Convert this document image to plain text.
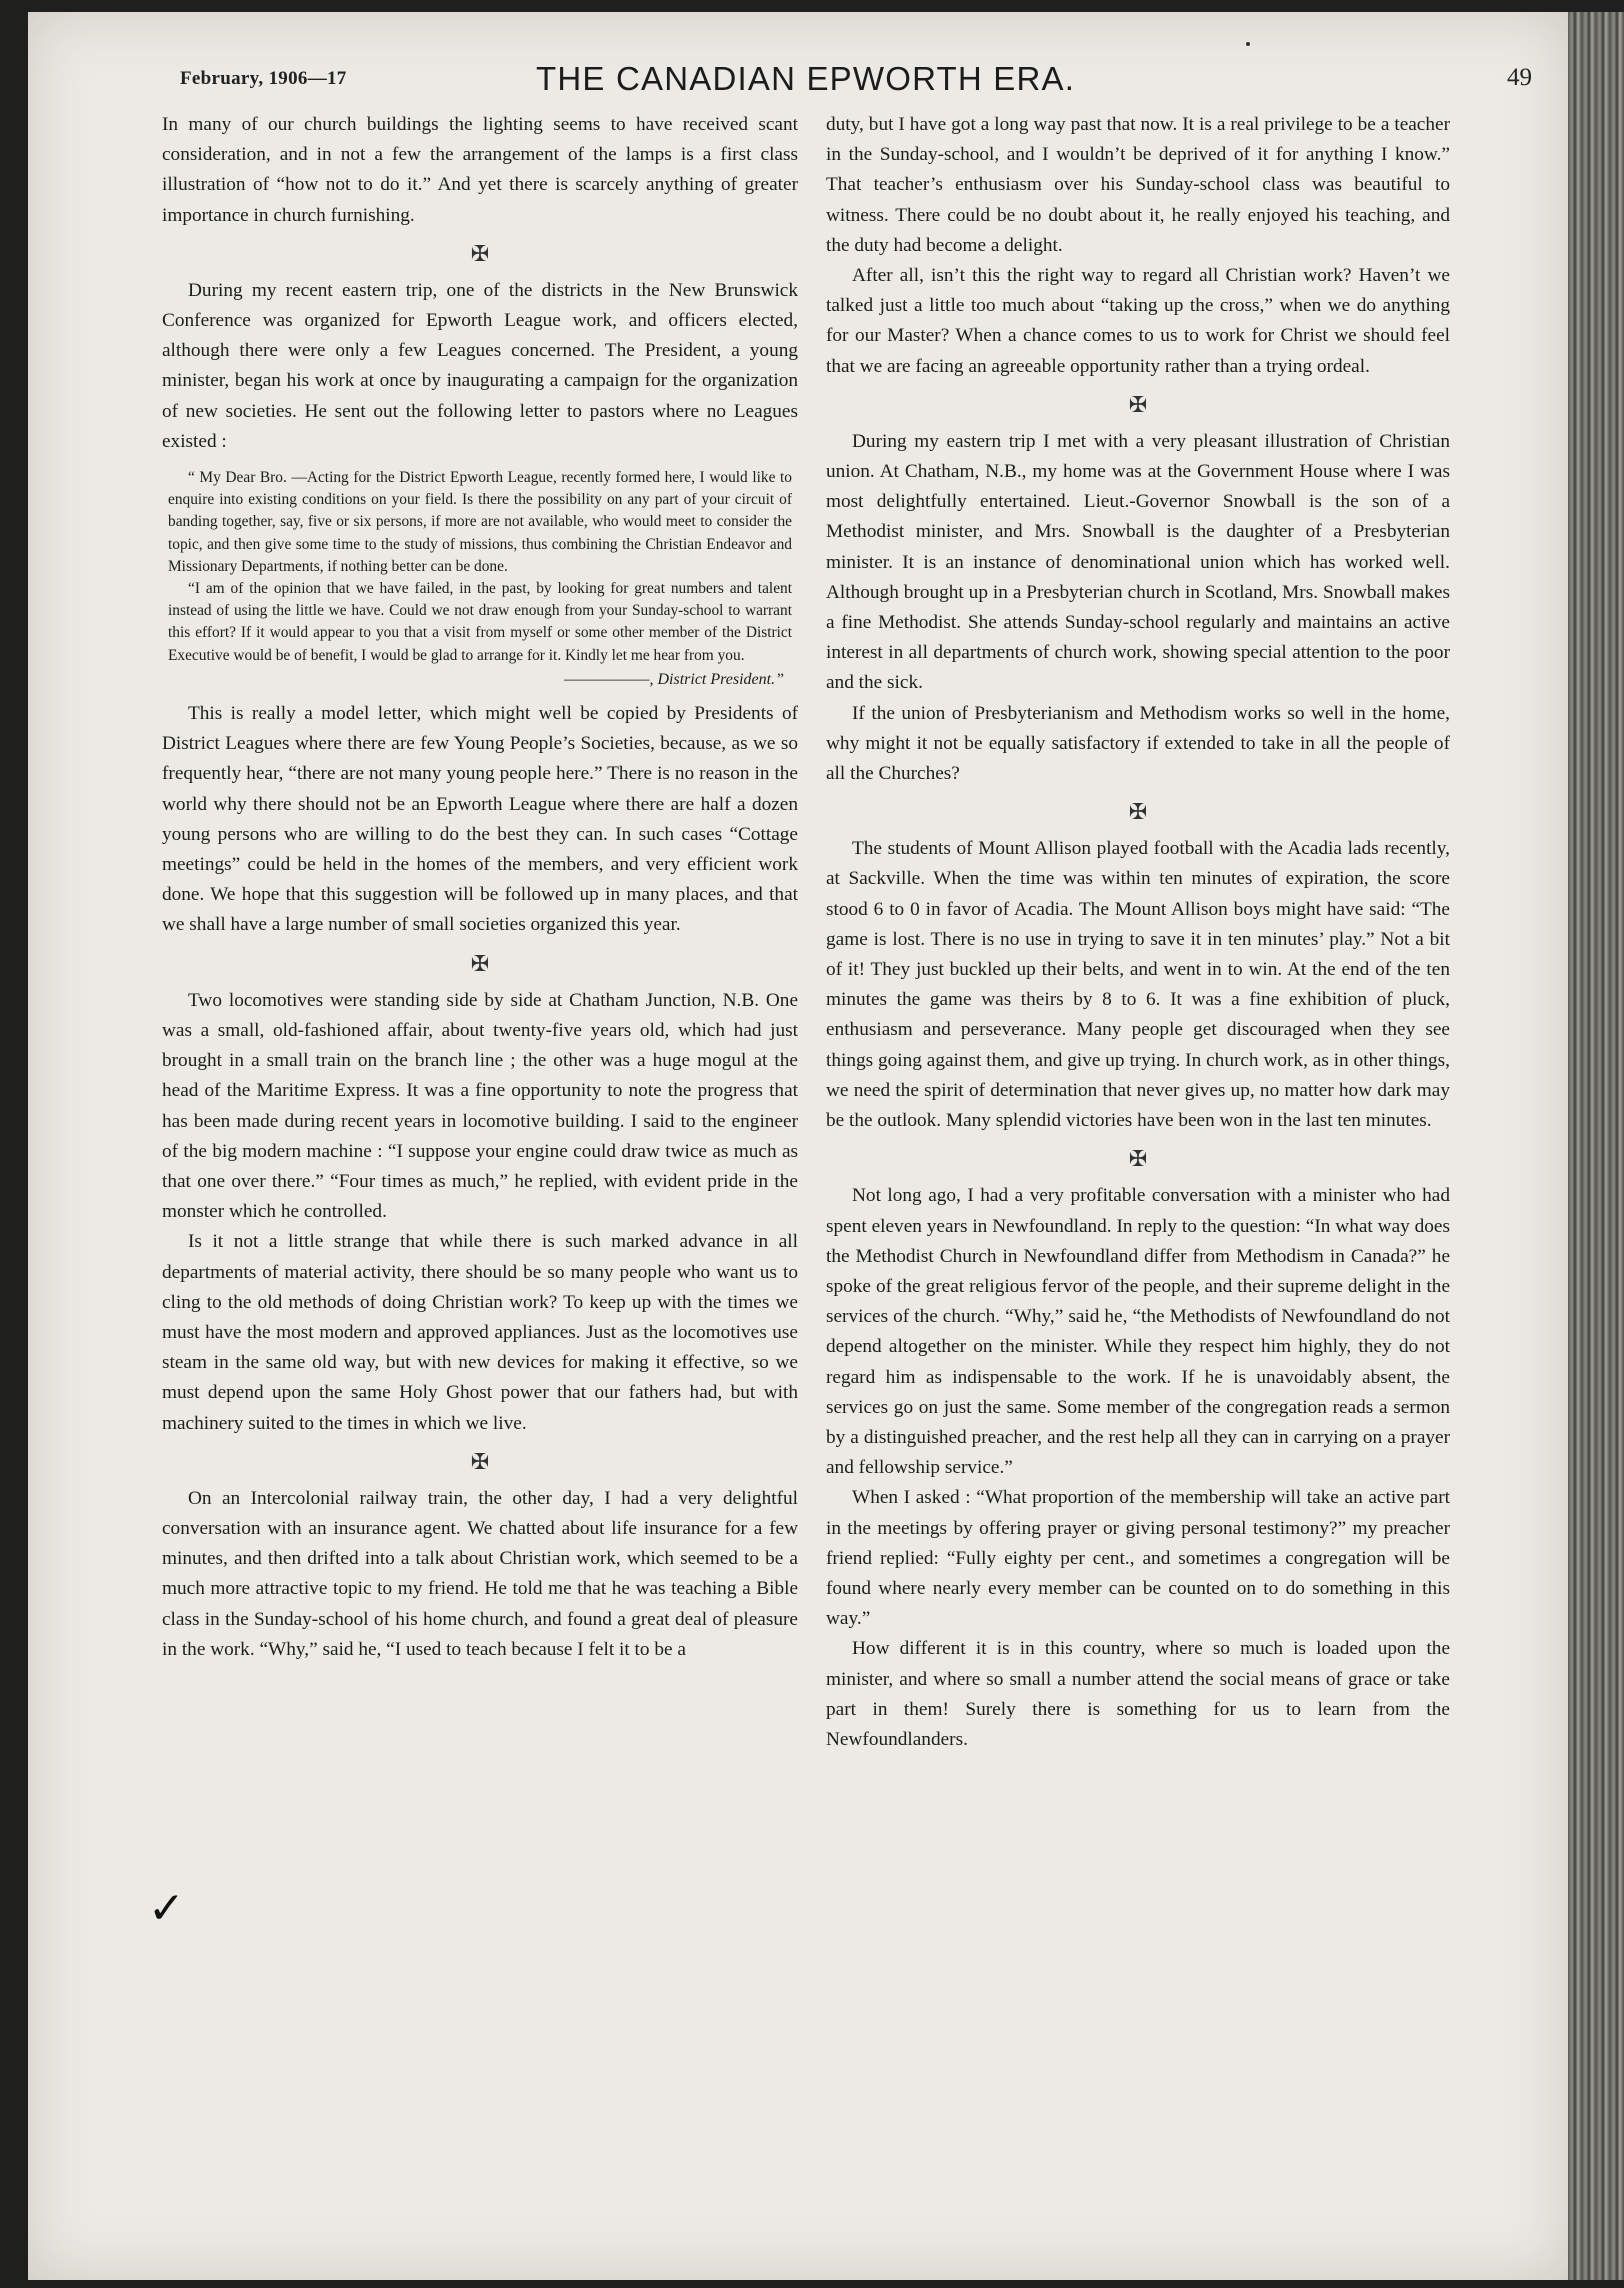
February, 1906—17	THE CANADIAN EPWORTH ERA.	49

In many of our church buildings the lighting seems to have received scant consideration, and in not a few the arrangement of the lamps is a first class illustration of “how not to do it.” And yet there is scarcely anything of greater importance in church furnishing.

✠

During my recent eastern trip, one of the districts in the New Brunswick Conference was organized for Epworth League work, and officers elected, although there were only a few Leagues concerned. The President, a young minister, began his work at once by inaugurating a campaign for the organization of new societies. He sent out the following letter to pastors where no Leagues existed :

“ My Dear Bro. —Acting for the District Epworth League, recently formed here, I would like to enquire into existing conditions on your field. Is there the possibility on any part of your circuit of banding together, say, five or six persons, if more are not available, who would meet to consider the topic, and then give some time to the study of missions, thus combining the Christian Endeavor and Missionary Departments, if nothing better can be done.

“I am of the opinion that we have failed, in the past, by looking for great numbers and talent instead of using the little we have. Could we not draw enough from your Sunday-school to warrant this effort? If it would appear to you that a visit from myself or some other member of the District Executive would be of benefit, I would be glad to arrange for it. Kindly let me hear from you.

——————, District President.”

This is really a model letter, which might well be copied by Presidents of District Leagues where there are few Young People’s Societies, because, as we so frequently hear, “there are not many young people here.” There is no reason in the world why there should not be an Epworth League where there are half a dozen young persons who are willing to do the best they can. In such cases “Cottage meetings” could be held in the homes of the members, and very efficient work done. We hope that this suggestion will be followed up in many places, and that we shall have a large number of small societies organized this year.

✠

Two locomotives were standing side by side at Chatham Junction, N.B. One was a small, old-fashioned affair, about twenty-five years old, which had just brought in a small train on the branch line ; the other was a huge mogul at the head of the Maritime Express. It was a fine opportunity to note the progress that has been made during recent years in locomotive building. I said to the engineer of the big modern machine : “I suppose your engine could draw twice as much as that one over there.” “Four times as much,” he replied, with evident pride in the monster which he controlled.

Is it not a little strange that while there is such marked advance in all departments of material activity, there should be so many people who want us to cling to the old methods of doing Christian work? To keep up with the times we must have the most modern and approved appliances. Just as the locomotives use steam in the same old way, but with new devices for making it effective, so we must depend upon the same Holy Ghost power that our fathers had, but with machinery suited to the times in which we live.

✠

On an Intercolonial railway train, the other day, I had a very delightful conversation with an insurance agent. We chatted about life insurance for a few minutes, and then drifted into a talk about Christian work, which seemed to be a much more attractive topic to my friend. He told me that he was teaching a Bible class in the Sunday-school of his home church, and found a great deal of pleasure in the work. “Why,” said he, “I used to teach because I felt it to be a

✓

duty, but I have got a long way past that now. It is a real privilege to be a teacher in the Sunday-school, and I wouldn’t be deprived of it for anything I know.” That teacher’s enthusiasm over his Sunday-school class was beautiful to witness. There could be no doubt about it, he really enjoyed his teaching, and the duty had become a delight.

After all, isn’t this the right way to regard all Christian work? Haven’t we talked just a little too much about “taking up the cross,” when we do anything for our Master? When a chance comes to us to work for Christ we should feel that we are facing an agreeable opportunity rather than a trying ordeal.

✠

During my eastern trip I met with a very pleasant illustration of Christian union. At Chatham, N.B., my home was at the Government House where I was most delightfully entertained. Lieut.-Governor Snowball is the son of a Methodist minister, and Mrs. Snowball is the daughter of a Presbyterian minister. It is an instance of denominational union which has worked well. Although brought up in a Presbyterian church in Scotland, Mrs. Snowball makes a fine Methodist. She attends Sunday-school regularly and maintains an active interest in all departments of church work, showing special attention to the poor and the sick.

If the union of Presbyterianism and Methodism works so well in the home, why might it not be equally satisfactory if extended to take in all the people of all the Churches?

✠

The students of Mount Allison played football with the Acadia lads recently, at Sackville. When the time was within ten minutes of expiration, the score stood 6 to 0 in favor of Acadia. The Mount Allison boys might have said: “The game is lost. There is no use in trying to save it in ten minutes’ play.” Not a bit of it! They just buckled up their belts, and went in to win. At the end of the ten minutes the game was theirs by 8 to 6. It was a fine exhibition of pluck, enthusiasm and perseverance. Many people get discouraged when they see things going against them, and give up trying. In church work, as in other things, we need the spirit of determination that never gives up, no matter how dark may be the outlook. Many splendid victories have been won in the last ten minutes.

✠

Not long ago, I had a very profitable conversation with a minister who had spent eleven years in Newfoundland. In reply to the question: “In what way does the Methodist Church in Newfoundland differ from Methodism in Canada?” he spoke of the great religious fervor of the people, and their supreme delight in the services of the church. “Why,” said he, “the Methodists of Newfoundland do not depend altogether on the minister. While they respect him highly, they do not regard him as indispensable to the work. If he is unavoidably absent, the services go on just the same. Some member of the congregation reads a sermon by a distinguished preacher, and the rest help all they can in carrying on a prayer and fellowship service.”

When I asked : “What proportion of the membership will take an active part in the meetings by offering prayer or giving personal testimony?” my preacher friend replied: “Fully eighty per cent., and sometimes a congregation will be found where nearly every member can be counted on to do something in this way.”

How different it is in this country, where so much is loaded upon the minister, and where so small a number attend the social means of grace or take part in them! Surely there is something for us to learn from the Newfoundlanders.
